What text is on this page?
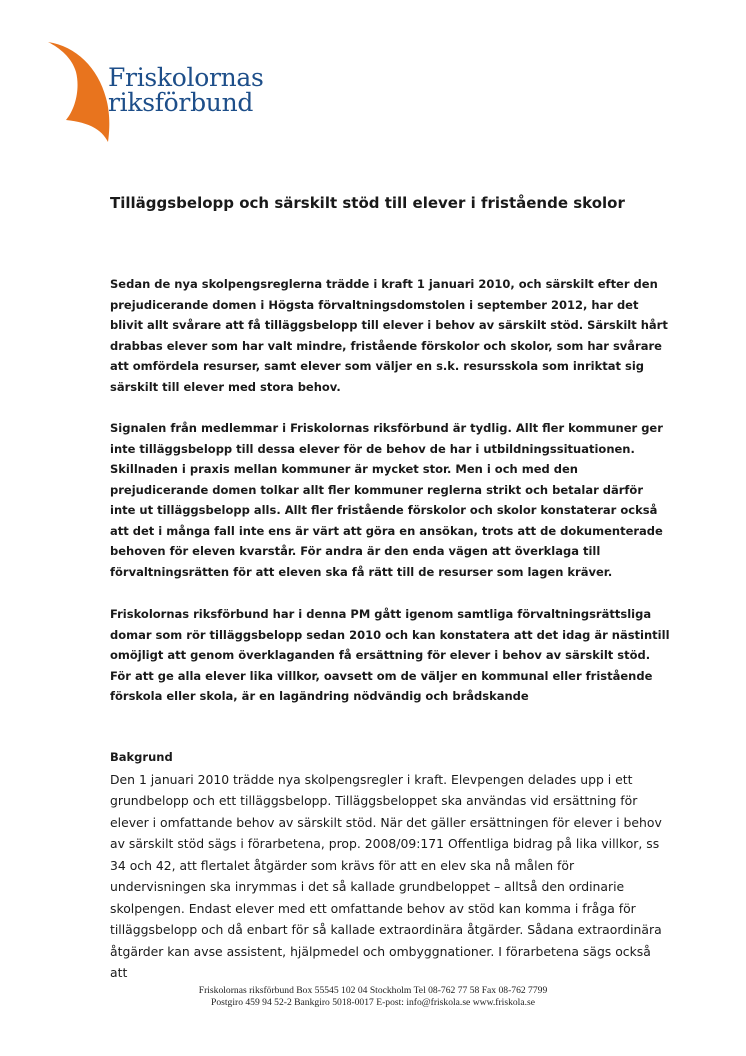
Friskolornas
riksförbund
Tilläggsbelopp och särskilt stöd till elever i fristående skolor

Sedan de nya skolpengsreglerna trädde i kraft 1 januari 2010, och särskilt efter den prejudicerande domen i Högsta förvaltningsdomstolen i september 2012, har det blivit allt svårare att få tilläggsbelopp till elever i behov av särskilt stöd. Särskilt hårt drabbas elever som har valt mindre, fristående förskolor och skolor, som har svårare att omfördela resurser, samt elever som väljer en s.k. resursskola som inriktat sig särskilt till elever med stora behov.

Signalen från medlemmar i Friskolornas riksförbund är tydlig. Allt fler kommuner ger inte tilläggsbelopp till dessa elever för de behov de har i utbildningssituationen. Skillnaden i praxis mellan kommuner är mycket stor. Men i och med den prejudicerande domen tolkar allt fler kommuner reglerna strikt och betalar därför inte ut tilläggsbelopp alls. Allt fler fristående förskolor och skolor konstaterar också att det i många fall inte ens är värt att göra en ansökan, trots att de dokumenterade behoven för eleven kvarstår. För andra är den enda vägen att överklaga till förvaltningsrätten för att eleven ska få rätt till de resurser som lagen kräver.

Friskolornas riksförbund har i denna PM gått igenom samtliga förvaltningsrättsliga domar som rör tilläggsbelopp sedan 2010 och kan konstatera att det idag är nästintill omöjligt att genom överklaganden få ersättning för elever i behov av särskilt stöd. För att ge alla elever lika villkor, oavsett om de väljer en kommunal eller fristående förskola eller skola, är en lagändring nödvändig och brådskande

Bakgrund

Den 1 januari 2010 trädde nya skolpengsregler i kraft. Elevpengen delades upp i ett grundbelopp och ett tilläggsbelopp. Tilläggsbeloppet ska användas vid ersättning för elever i omfattande behov av särskilt stöd. När det gäller ersättningen för elever i behov av särskilt stöd sägs i förarbetena, prop. 2008/09:171 Offentliga bidrag på lika villkor, ss 34 och 42, att flertalet åtgärder som krävs för att en elev ska nå målen för undervisningen ska inrymmas i det så kallade grundbeloppet – alltså den ordinarie skolpengen. Endast elever med ett omfattande behov av stöd kan komma i fråga för tilläggsbelopp och då enbart för så kallade extraordinära åtgärder. Sådana extraordinära åtgärder kan avse assistent, hjälpmedel och ombyggnationer. I förarbetena sägs också att

Friskolornas riksförbund Box 55545 102 04 Stockholm Tel 08-762 77 58 Fax 08-762 7799
Postgiro 459 94 52-2 Bankgiro 5018-0017 E-post: info@friskola.se www.friskola.se
